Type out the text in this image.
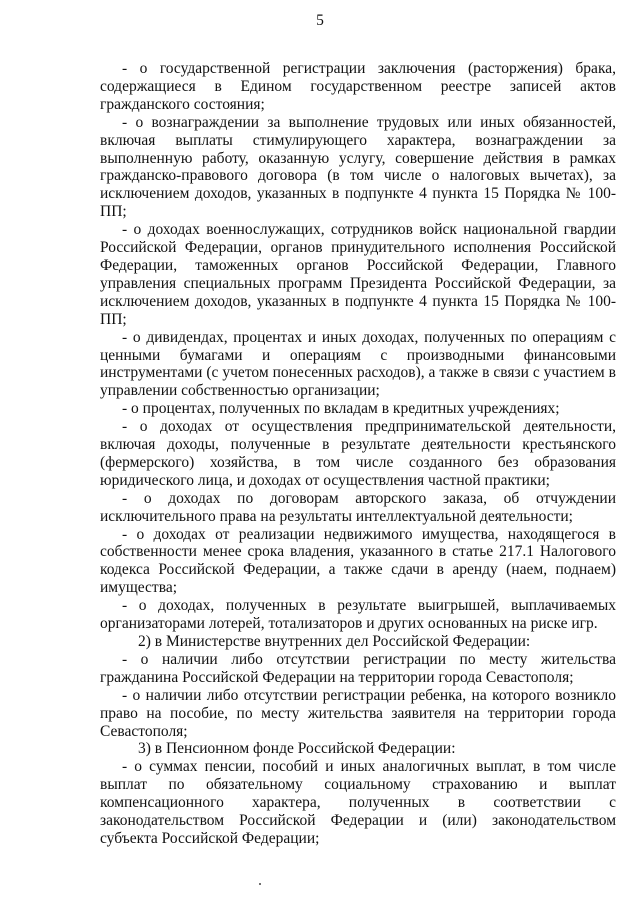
5

- о государственной регистрации заключения (расторжения) брака, содержащиеся в Едином государственном реестре записей актов гражданского состояния;

- о вознаграждении за выполнение трудовых или иных обязанностей, включая выплаты стимулирующего характера, вознаграждении за выполненную работу, оказанную услугу, совершение действия в рамках гражданско-правового договора (в том числе о налоговых вычетах), за исключением доходов, указанных в подпункте 4 пункта 15 Порядка № 100-ПП;

- о доходах военнослужащих, сотрудников войск национальной гвардии Российской Федерации, органов принудительного исполнения Российской Федерации, таможенных органов Российской Федерации, Главного управления специальных программ Президента Российской Федерации, за исключением доходов, указанных в подпункте 4 пункта 15 Порядка № 100-ПП;

- о дивидендах, процентах и иных доходах, полученных по операциям с ценными бумагами и операциям с производными финансовыми инструментами (с учетом понесенных расходов), а также в связи с участием в управлении собственностью организации;

- о процентах, полученных по вкладам в кредитных учреждениях;

- о доходах от осуществления предпринимательской деятельности, включая доходы, полученные в результате деятельности крестьянского (фермерского) хозяйства, в том числе созданного без образования юридического лица, и доходах от осуществления частной практики;

- о доходах по договорам авторского заказа, об отчуждении исключительного права на результаты интеллектуальной деятельности;

- о доходах от реализации недвижимого имущества, находящегося в собственности менее срока владения, указанного в статье 217.1 Налогового кодекса Российской Федерации, а также сдачи в аренду (наем, поднаем) имущества;

- о доходах, полученных в результате выигрышей, выплачиваемых организаторами лотерей, тотализаторов и других основанных на риске игр.

2) в Министерстве внутренних дел Российской Федерации:

- о наличии либо отсутствии регистрации по месту жительства гражданина Российской Федерации на территории города Севастополя;

- о наличии либо отсутствии регистрации ребенка, на которого возникло право на пособие, по месту жительства заявителя на территории города Севастополя;

3) в Пенсионном фонде Российской Федерации:

- о суммах пенсии, пособий и иных аналогичных выплат, в том числе выплат по обязательному социальному страхованию и выплат компенсационного характера, полученных в соответствии с законодательством Российской Федерации и (или) законодательством субъекта Российской Федерации;
